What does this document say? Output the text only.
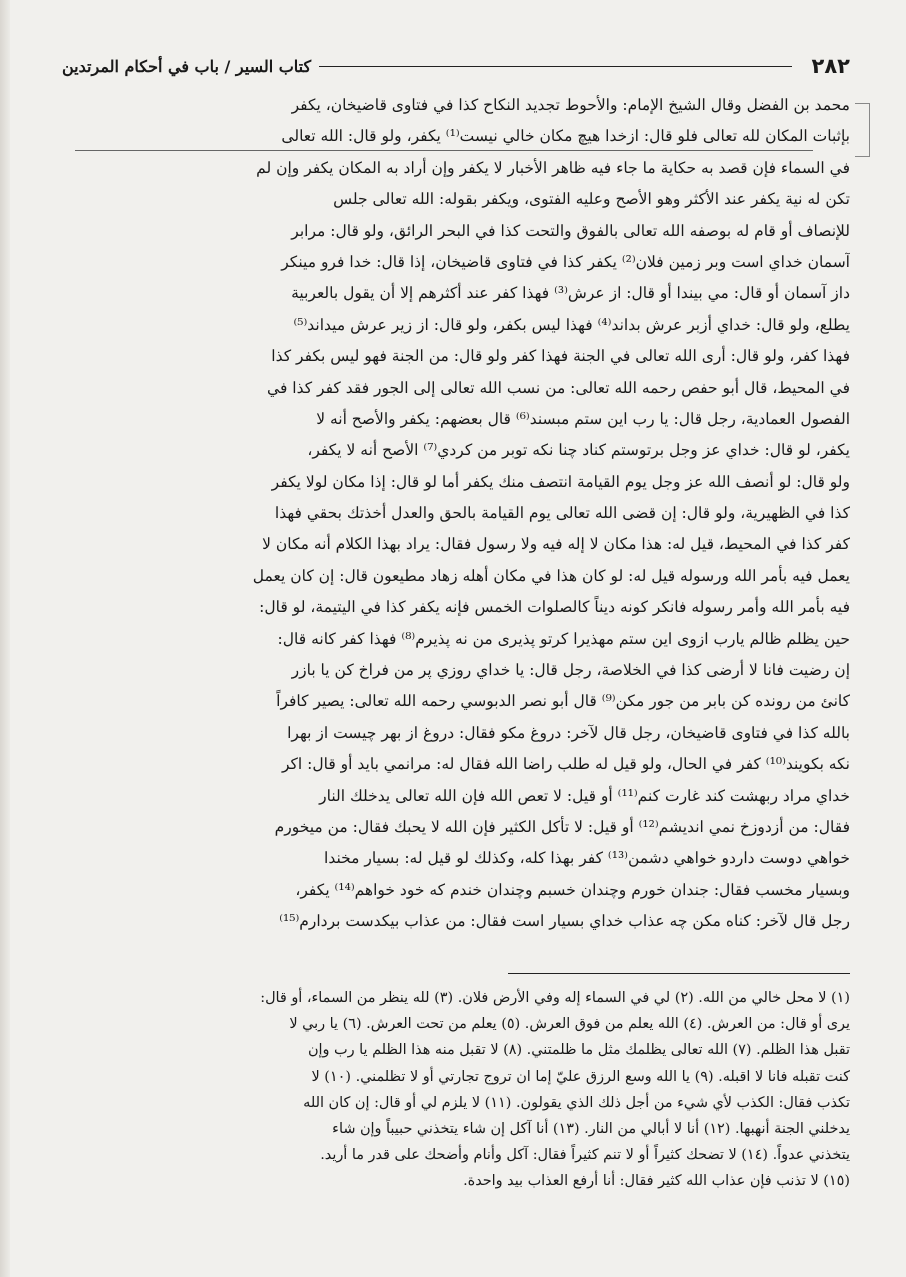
٢٨٢
كتاب السير / باب في أحكام المرتدين
محمد بن الفضل وقال الشيخ الإمام: والأحوط تجديد النكاح كذا في فتاوى قاضيخان، يكفر
بإثبات المكان لله تعالى فلو قال: ازخدا هيچ مكان خالي نيست⁽¹⁾ يكفر، ولو قال: الله تعالى
في السماء فإن قصد به حكاية ما جاء فيه ظاهر الأخبار لا يكفر وإن أراد به المكان يكفر وإن لم
تكن له نية يكفر عند الأكثر وهو الأصح وعليه الفتوى، ويكفر بقوله: الله تعالى جلس
للإنصاف أو قام له بوصفه الله تعالى بالفوق والتحت كذا في البحر الرائق، ولو قال: مرابر
آسمان خداي است وبر زمين فلان⁽²⁾ يكفر كذا في فتاوى قاضيخان، إذا قال: خدا فرو مينكر
داز آسمان أو قال: مي بيندا أو قال: از عرش⁽³⁾ فهذا كفر عند أكثرهم إلا أن يقول بالعربية
يطلع، ولو قال: خداي أزبر عرش بداند⁽⁴⁾ فهذا ليس بكفر، ولو قال: از زير عرش ميداند⁽⁵⁾
فهذا كفر، ولو قال: أرى الله تعالى في الجنة فهذا كفر ولو قال: من الجنة فهو ليس بكفر كذا
في المحيط، قال أبو حفص رحمه الله تعالى: من نسب الله تعالى إلى الجور فقد كفر كذا في
الفصول العمادية، رجل قال: يا رب اين ستم مبسند⁽⁶⁾ قال بعضهم: يكفر والأصح أنه لا
يكفر، لو قال: خداي عز وجل برتوستم كناد چنا نكه توبر من كردي⁽⁷⁾ الأصح أنه لا يكفر،
ولو قال: لو أنصف الله عز وجل يوم القيامة انتصف منك يكفر أما لو قال: إذا مكان لولا يكفر
كذا في الظهيرية، ولو قال: إن قضى الله تعالى يوم القيامة بالحق والعدل أخذتك بحقي فهذا
كفر كذا في المحيط، قيل له: هذا مكان لا إله فيه ولا رسول فقال: يراد بهذا الكلام أنه مكان لا
يعمل فيه بأمر الله ورسوله قيل له: لو كان هذا في مكان أهله زهاد مطيعون قال: إن كان يعمل
فيه بأمر الله وأمر رسوله فانكر كونه ديناً كالصلوات الخمس فإنه يكفر كذا في اليتيمة، لو قال:
حين يظلم ظالم يارب ازوى اين ستم مهذيرا كرتو پذيرى من نه پذيرم⁽⁸⁾ فهذا كفر كانه قال:
إن رضيت فانا لا أرضى كذا في الخلاصة، رجل قال: يا خداي روزي پر من فراخ كن يا بازر
كانئ من رونده كن بابر من جور مكن⁽⁹⁾ قال أبو نصر الدبوسي رحمه الله تعالى: يصير كافراً
بالله كذا في فتاوى قاضيخان، رجل قال لآخر: دروغ مكو فقال: دروغ از بهر چيست از بهرا
نكه بكويند⁽¹⁰⁾ كفر في الحال، ولو قيل له طلب راضا الله فقال له: مرانمي بايد أو قال: اكر
خداي مراد ربهشت كند غارت كنم⁽¹¹⁾ أو قيل: لا تعص الله فإن الله تعالى يدخلك النار
فقال: من أزدوزخ نمي انديشم⁽¹²⁾ أو قيل: لا تأكل الكثير فإن الله لا يحبك فقال: من ميخورم
خواهي دوست داردو خواهي دشمن⁽¹³⁾ كفر بهذا كله، وكذلك لو قيل له: بسيار مخندا
وبسيار مخسب فقال: جندان خورم وچندان خسبم وچندان خندم كه خود خواهم⁽¹⁴⁾ يكفر،
رجل قال لآخر: كناه مكن چه عذاب خداي بسيار است فقال: من عذاب بيكدست بردارم⁽¹⁵⁾
(١) لا محل خالي من الله. (٢) لي في السماء إله وفي الأرض فلان. (٣) لله ينظر من السماء، أو قال:
يرى أو قال: من العرش. (٤) الله يعلم من فوق العرش. (٥) يعلم من تحت العرش. (٦) يا ربي لا
تقبل هذا الظلم. (٧) الله تعالى يظلمك مثل ما ظلمتني. (٨) لا تقبل منه هذا الظلم يا رب وإن
كنت تقبله فانا لا اقبله. (٩) يا الله وسع الرزق عليّ إما ان تروج تجارتي أو لا تظلمني. (١٠) لا
تكذب فقال: الكذب لأي شيء من أجل ذلك الذي يقولون. (١١) لا يلزم لي أو قال: إن كان الله
يدخلني الجنة أنهبها. (١٢) أنا لا أبالي من النار. (١٣) أنا آكل إن شاء يتخذني حبيباً وإن شاء
يتخذني عدواً. (١٤) لا تضحك كثيراً أو لا تنم كثيراً فقال: آكل وأنام وأضحك على قدر ما أريد.
(١٥) لا تذنب فإن عذاب الله كثير فقال: أنا أرفع العذاب بيد واحدة.
